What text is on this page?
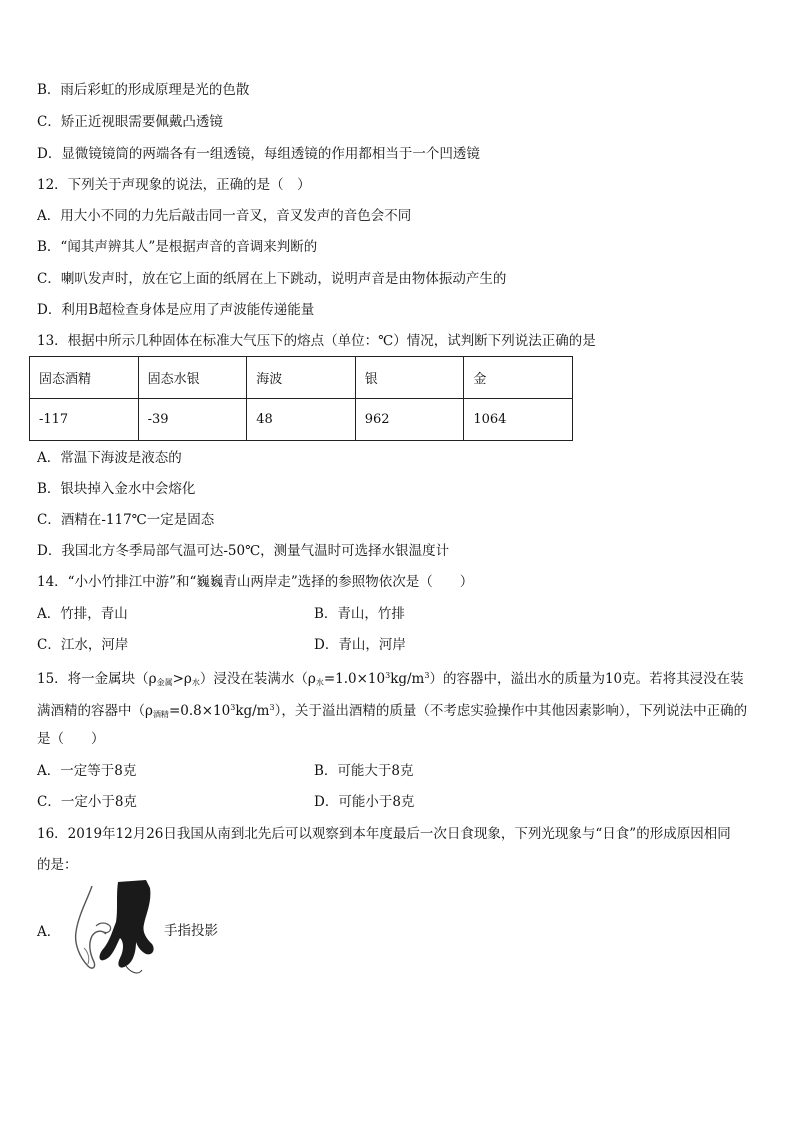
B．雨后彩虹的形成原理是光的色散
C．矫正近视眼需要佩戴凸透镜
D．显微镜镜筒的两端各有一组透镜，每组透镜的作用都相当于一个凹透镜
12．下列关于声现象的说法，正确的是（　）
A．用大小不同的力先后敲击同一音叉，音叉发声的音色会不同
B．“闻其声辨其人”是根据声音的音调来判断的
C．喇叭发声时，放在它上面的纸屑在上下跳动，说明声音是由物体振动产生的
D．利用B超检查身体是应用了声波能传递能量
13．根据中所示几种固体在标准大气压下的熔点（单位：℃）情况，试判断下列说法正确的是
固态酒精	固态水银	海波	银	金
-117	-39	48	962	1064
A．常温下海波是液态的
B．银块掉入金水中会熔化
C．酒精在-117℃一定是固态
D．我国北方冬季局部气温可达-50℃，测量气温时可选择水银温度计
14．“小小竹排江中游”和“巍巍青山两岸走”选择的参照物依次是（　　）
A．竹排，青山	B．青山，竹排
C．江水，河岸	D．青山，河岸
15．将一金属块$(\rho_{金属}>\rho_水)$浸没在装满水$(\rho_水=1.0\times 10^3kg/m^3)$的容器中，溢出水的质量为10克。若将其浸没在装
满酒精的容器中$(\rho_{酒精}=0.8\times 10^3kg/m^3)$，关于溢出酒精的质量（不考虑实验操作中其他因素影响），下列说法中正确的
是（　　）
A．一定等于8克	B．可能大于8克
C．一定小于8克	D．可能小于8克
16．2019年12月26日我国从南到北先后可以观察到本年度最后一次日食现象，下列光现象与“日食”的形成原因相同
的是：
A．	手指投影
